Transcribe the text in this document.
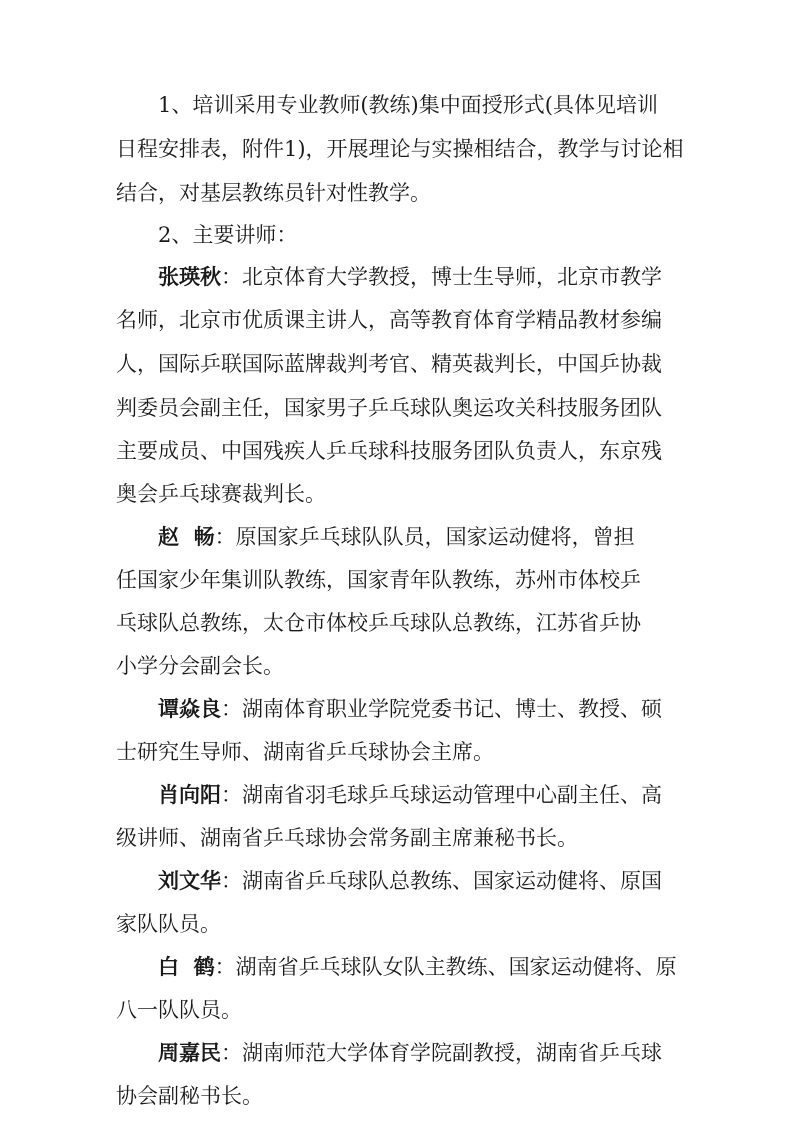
1、培训采用专业教师(教练)集中面授形式(具体见培训
日程安排表，附件1)，开展理论与实操相结合，教学与讨论相
结合，对基层教练员针对性教学。
2、主要讲师：
张瑛秋：北京体育大学教授，博士生导师，北京市教学
名师，北京市优质课主讲人，高等教育体育学精品教材参编
人，国际乒联国际蓝牌裁判考官、精英裁判长，中国乒协裁
判委员会副主任，国家男子乒乓球队奥运攻关科技服务团队
主要成员、中国残疾人乒乓球科技服务团队负责人，东京残
奥会乒乓球赛裁判长。
赵  畅：原国家乒乓球队队员，国家运动健将，曾担
任国家少年集训队教练，国家青年队教练，苏州市体校乒
乓球队总教练，太仓市体校乒乓球队总教练，江苏省乒协
小学分会副会长。
谭焱良：湖南体育职业学院党委书记、博士、教授、硕
士研究生导师、湖南省乒乓球协会主席。
肖向阳：湖南省羽毛球乒乓球运动管理中心副主任、高
级讲师、湖南省乒乓球协会常务副主席兼秘书长。
刘文华：湖南省乒乓球队总教练、国家运动健将、原国
家队队员。
白  鹤：湖南省乒乓球队女队主教练、国家运动健将、原
八一队队员。
周嘉民：湖南师范大学体育学院副教授，湖南省乒乓球
协会副秘书长。
